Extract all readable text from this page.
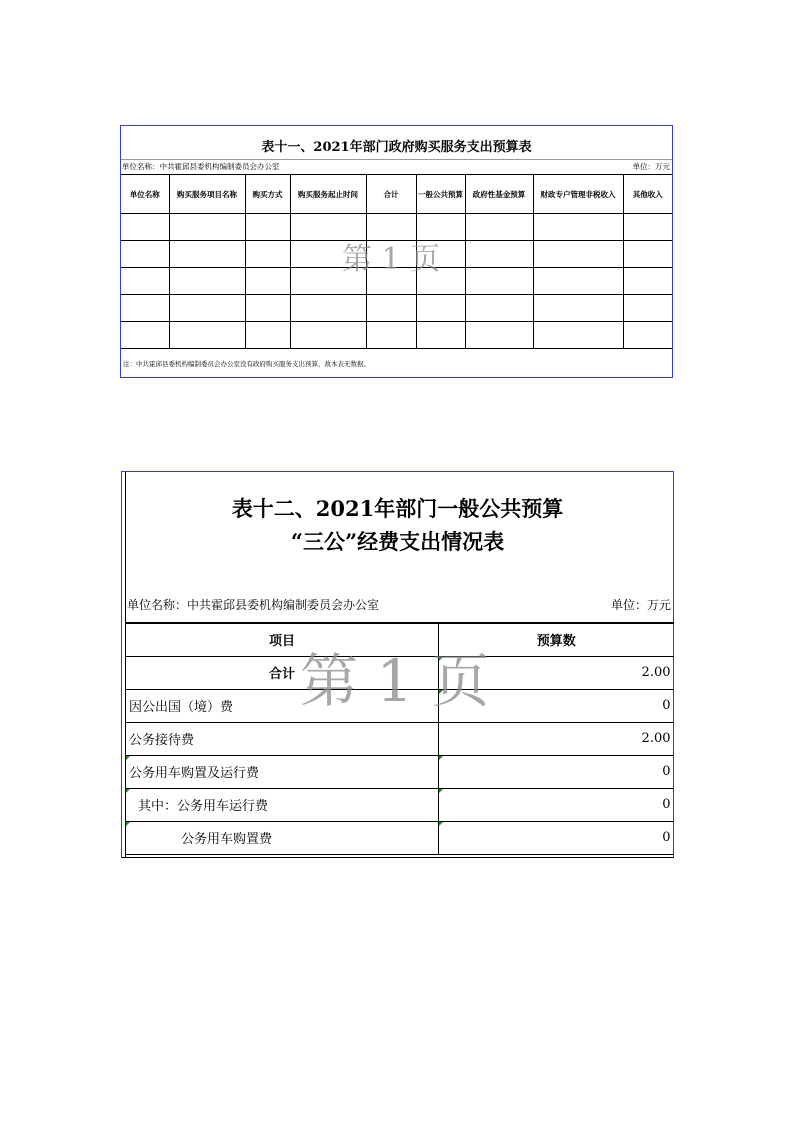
表十一、2021年部门政府购买服务支出预算表
单位名称：中共霍邱县委机构编制委员会办公室	单位：万元
单位名称	购买服务项目名称	购买方式	购买服务起止时间	合计	一般公共预算	政府性基金预算	财政专户管理非税收入	其他收入

注：中共霍邱县委机构编制委员会办公室没有政府购买服务支出预算，故本表无数据。
第 1 页
表十二、2021年部门一般公共预算
“三公”经费支出情况表
单位名称：中共霍邱县委机构编制委员会办公室	单位：万元
项目	预算数
合计	2.00
因公出国（境）费	0
公务接待费	2.00

公务用车购置及运行费	0

其中：公务用车运行费	0

公务用车购置费	0
第 1 页
